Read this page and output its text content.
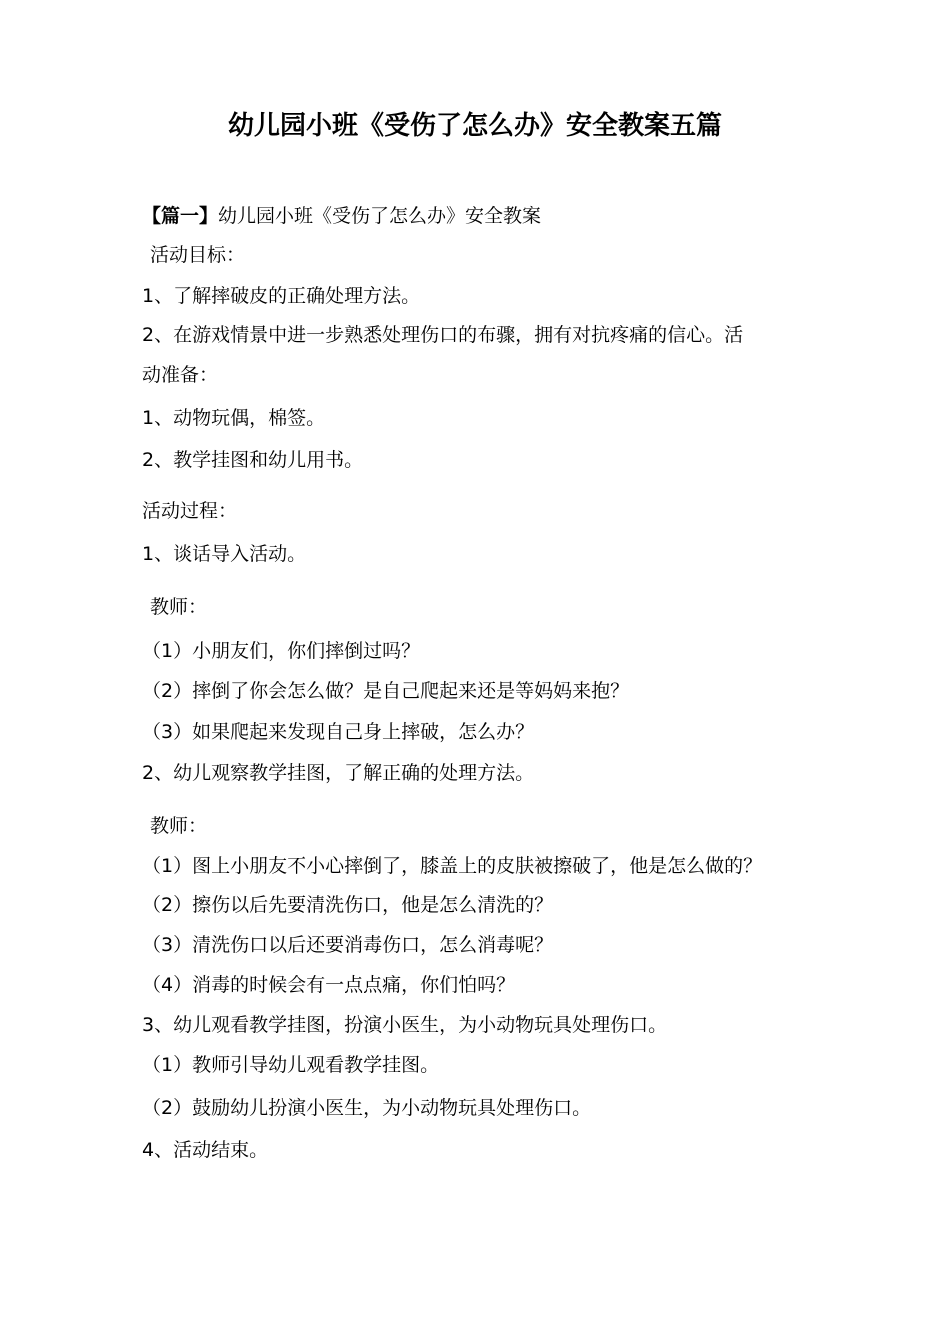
幼儿园小班《受伤了怎么办》安全教案五篇
【篇一】幼儿园小班《受伤了怎么办》安全教案
活动目标：
1、了解摔破皮的正确处理方法。
2、在游戏情景中进一步熟悉处理伤口的布骤，拥有对抗疼痛的信心。活
动准备：
1、动物玩偶，棉签。
2、教学挂图和幼儿用书。
活动过程：
1、谈话导入活动。
教师：
（1）小朋友们，你们摔倒过吗？
（2）摔倒了你会怎么做？是自己爬起来还是等妈妈来抱？
（3）如果爬起来发现自己身上摔破，怎么办？
2、幼儿观察教学挂图，了解正确的处理方法。
教师：
（1）图上小朋友不小心摔倒了，膝盖上的皮肤被擦破了，他是怎么做的？
（2）擦伤以后先要清洗伤口，他是怎么清洗的？
（3）清洗伤口以后还要消毒伤口，怎么消毒呢？
（4）消毒的时候会有一点点痛，你们怕吗？
3、幼儿观看教学挂图，扮演小医生，为小动物玩具处理伤口。
（1）教师引导幼儿观看教学挂图。
（2）鼓励幼儿扮演小医生，为小动物玩具处理伤口。
4、活动结束。
